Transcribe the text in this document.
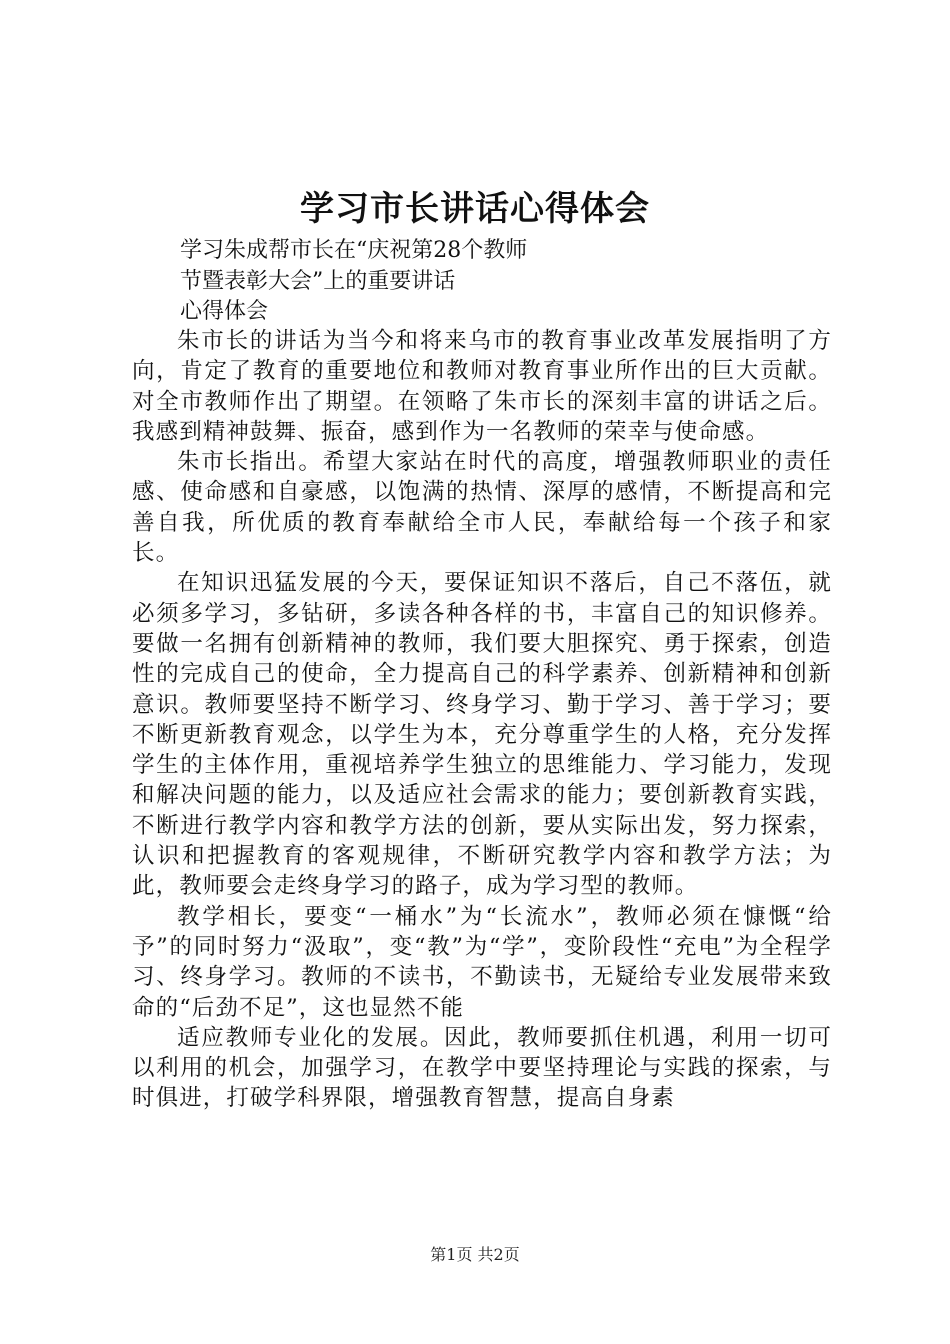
学习市长讲话心得体会
学习朱成帮市长在“庆祝第28个教师
节暨表彰大会”上的重要讲话
心得体会

朱市长的讲话为当今和将来乌市的教育事业改革发展指明了方向，肯定了教育的重要地位和教师对教育事业所作出的巨大贡献。对全市教师作出了期望。在领略了朱市长的深刻丰富的讲话之后。我感到精神鼓舞、振奋，感到作为一名教师的荣幸与使命感。

朱市长指出。希望大家站在时代的高度，增强教师职业的责任感、使命感和自豪感，以饱满的热情、深厚的感情，不断提高和完善自我，所优质的教育奉献给全市人民，奉献给每一个孩子和家长。

在知识迅猛发展的今天，要保证知识不落后，自己不落伍，就必须多学习，多钻研，多读各种各样的书，丰富自己的知识修养。要做一名拥有创新精神的教师，我们要大胆探究、勇于探索，创造性的完成自己的使命，全力提高自己的科学素养、创新精神和创新意识。教师要坚持不断学习、终身学习、勤于学习、善于学习；要不断更新教育观念，以学生为本，充分尊重学生的人格，充分发挥学生的主体作用，重视培养学生独立的思维能力、学习能力，发现和解决问题的能力，以及适应社会需求的能力；要创新教育实践，不断进行教学内容和教学方法的创新，要从实际出发，努力探索，认识和把握教育的客观规律，不断研究教学内容和教学方法；为此，教师要会走终身学习的路子，成为学习型的教师。

教学相长，要变“一桶水”为“长流水”，教师必须在慷慨“给予”的同时努力“汲取”，变“教”为“学”，变阶段性“充电”为全程学习、终身学习。教师的不读书，不勤读书，无疑给专业发展带来致命的“后劲不足”，这也显然不能

适应教师专业化的发展。因此，教师要抓住机遇，利用一切可以利用的机会，加强学习，在教学中要坚持理论与实践的探索，与时俱进，打破学科界限，增强教育智慧，提高自身素

第1页 共2页
